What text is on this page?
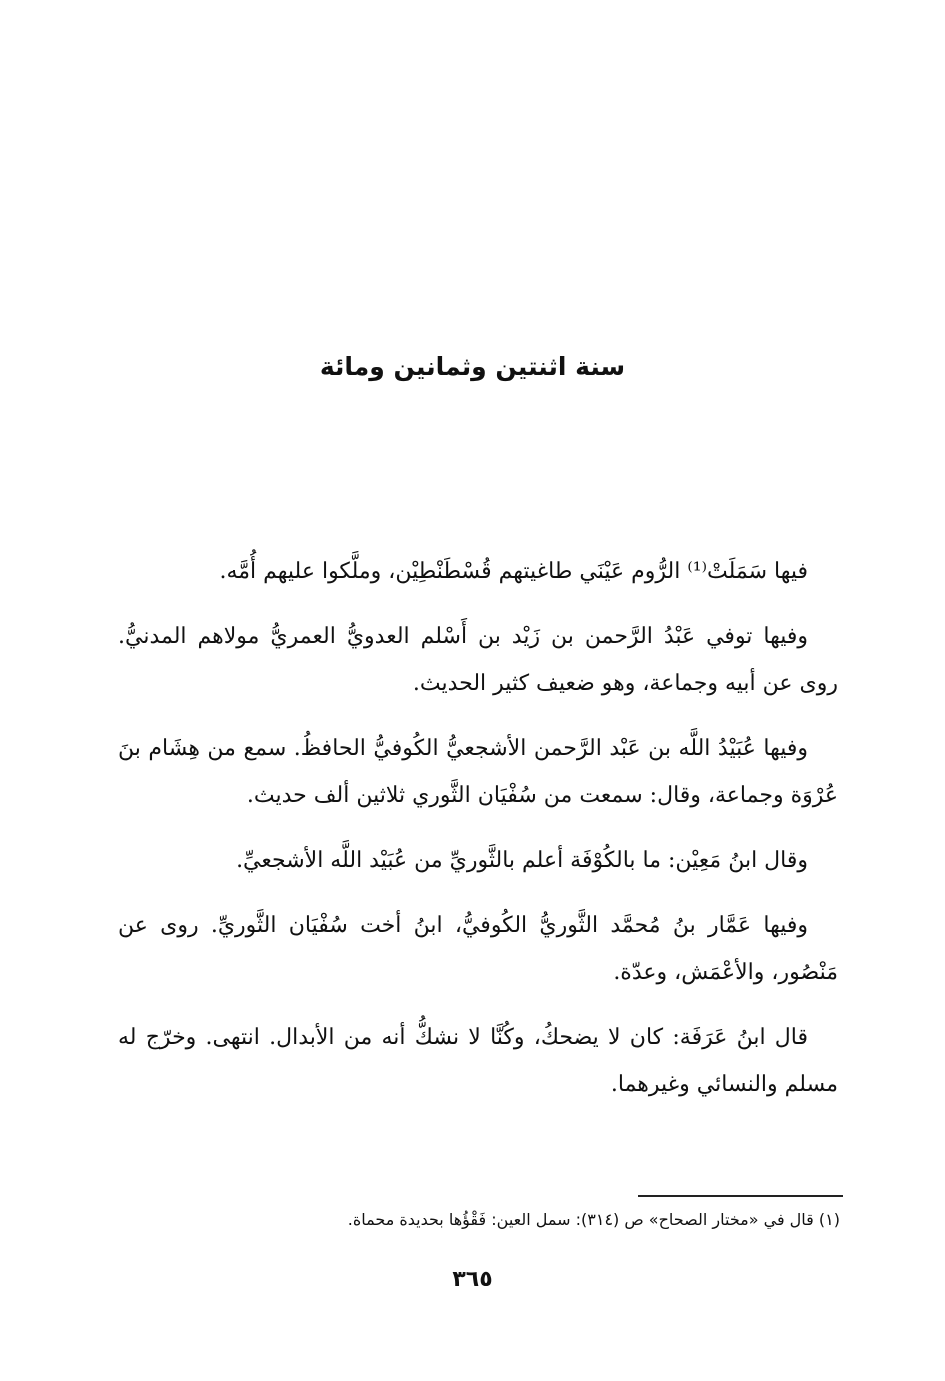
سنة اثنتين وثمانين ومائة

فيها سَمَلَتْ⁽¹⁾ الرُّوم عَيْنَي طاغيتهم قُسْطَنْطِيْن، وملَّكوا عليهم أُمَّه.

وفيها توفي عَبْدُ الرَّحمن بن زَيْد بن أَسْلم العدويُّ العمريُّ مولاهم المدنيُّ. روى عن أبيه وجماعة، وهو ضعيف كثير الحديث.

وفيها عُبَيْدُ اللَّه بن عَبْد الرَّحمن الأشجعيُّ الكُوفيُّ الحافظُ. سمع من هِشَام بنَ عُرْوَة وجماعة، وقال: سمعت من سُفْيَان الثَّوري ثلاثين ألف حديث.

وقال ابنُ مَعِيْن: ما بالكُوْفَة أعلم بالثَّوريِّ من عُبَيْد اللَّه الأشجعيِّ.

وفيها عَمَّار بنُ مُحمَّد الثَّوريُّ الكُوفيُّ، ابنُ أخت سُفْيَان الثَّوريِّ. روى عن مَنْصُور، والأعْمَش، وعدّة.

قال ابنُ عَرَفَة: كان لا يضحكُ، وكُنَّا لا نشكُّ أنه من الأبدال. انتهى. وخرّج له مسلم والنسائي وغيرهما.

(١) قال في «مختار الصحاح» ص (٣١٤): سمل العين: فَقْؤُها بحديدة محماة.
٣٦٥
